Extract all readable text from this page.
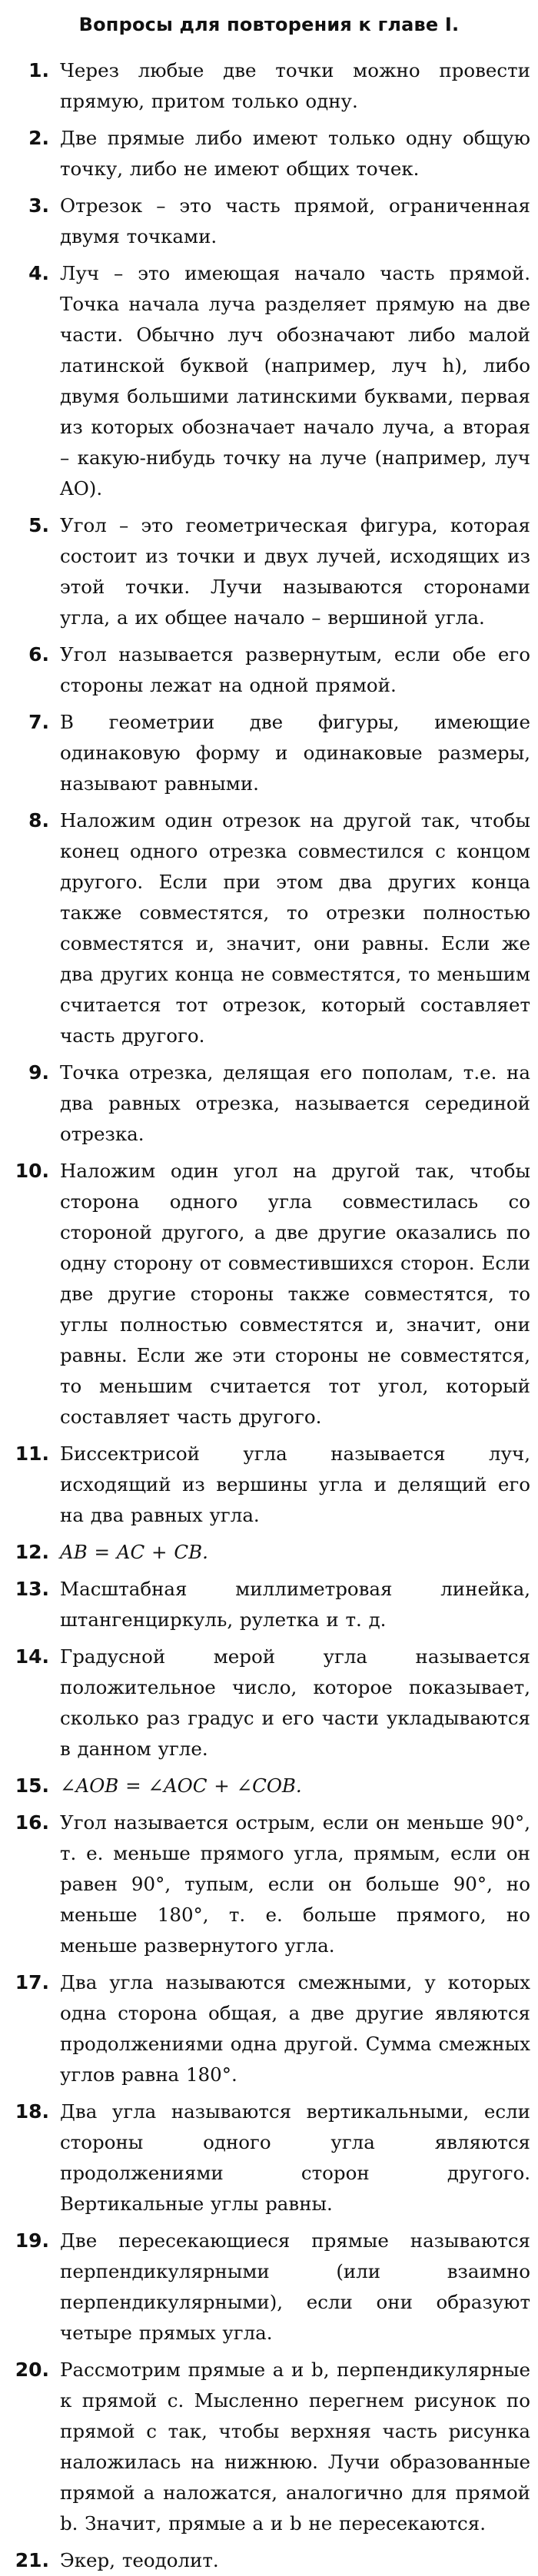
Вопросы для повторения к главе I.
1. Через любые две точки можно провести прямую, притом только одну.
2. Две прямые либо имеют только одну общую точку, либо не имеют общих точек.
3. Отрезок – это часть прямой, ограниченная двумя точками.
4. Луч – это имеющая начало часть прямой. Точка начала луча разделяет прямую на две части. Обычно луч обозначают либо малой латинской буквой (например, луч h), либо двумя большими латинскими буквами, первая из которых обозначает начало луча, а вторая – какую-нибудь точку на луче (например, луч AO).
5. Угол – это геометрическая фигура, которая состоит из точки и двух лучей, исходящих из этой точки. Лучи называются сторонами угла, а их общее начало – вершиной угла.
6. Угол называется развернутым, если обе его стороны лежат на одной прямой.
7. В геометрии две фигуры, имеющие одинаковую форму и одинаковые размеры, называют равными.
8. Наложим один отрезок на другой так, чтобы конец одного отрезка совместился с концом другого. Если при этом два других конца также совместятся, то отрезки полностью совместятся и, значит, они равны. Если же два других конца не совместятся, то меньшим считается тот отрезок, который составляет часть другого.
9. Точка отрезка, делящая его пополам, т.е. на два равных отрезка, называется серединой отрезка.
10. Наложим один угол на другой так, чтобы сторона одного угла совместилась со стороной другого, а две другие оказались по одну сторону от совместившихся сторон. Если две другие стороны также совместятся, то углы полностью совместятся и, значит, они равны. Если же эти стороны не совместятся, то меньшим считается тот угол, который составляет часть другого.
11. Биссектрисой угла называется луч, исходящий из вершины угла и делящий его на два равных угла.
12. AB = AC + CB.
13. Масштабная миллиметровая линейка, штангенциркуль, рулетка и т. д.
14. Градусной мерой угла называется положительное число, которое показывает, сколько раз градус и его части укладываются в данном угле.
15. ∠AOB = ∠AOC + ∠COB.
16. Угол называется острым, если он меньше 90°, т. е. меньше прямого угла, прямым, если он равен 90°, тупым, если он больше 90°, но меньше 180°, т. е. больше прямого, но меньше развернутого угла.
17. Два угла называются смежными, у которых одна сторона общая, а две другие являются продолжениями одна другой. Сумма смежных углов равна 180°.
18. Два угла называются вертикальными, если стороны одного угла являются продолжениями сторон другого. Вертикальные углы равны.
19. Две пересекающиеся прямые называются перпендикулярными (или взаимно перпендикулярными), если они образуют четыре прямых угла.
20. Рассмотрим прямые a и b, перпендикулярные к прямой c. Мысленно перегнем рисунок по прямой c так, чтобы верхняя часть рисунка наложилась на нижнюю. Лучи образованные прямой a наложатся, аналогично для прямой b. Значит, прямые a и b не пересекаются.
21. Экер, теодолит.
